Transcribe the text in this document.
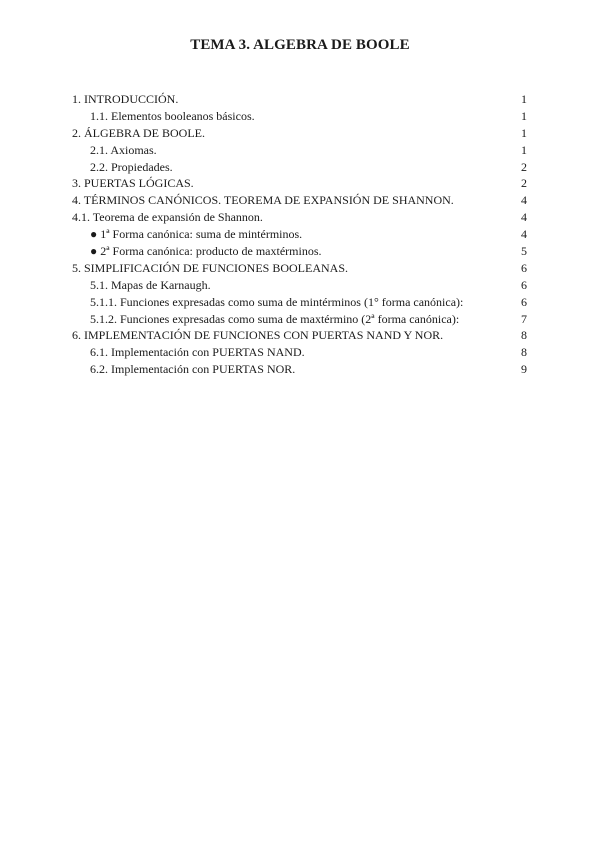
TEMA 3. ALGEBRA DE BOOLE
1. INTRODUCCIÓN.	1
1.1. Elementos booleanos básicos.	1
2. ÁLGEBRA DE BOOLE.	1
2.1. Axiomas.	1
2.2. Propiedades.	2
3. PUERTAS LÓGICAS.	2
4. TÉRMINOS CANÓNICOS. TEOREMA DE EXPANSIÓN DE SHANNON.	4
4.1. Teorema de expansión de Shannon.	4
● 1ª Forma canónica: suma de mintérminos.	4
● 2ª Forma canónica: producto de maxtérminos.	5
5. SIMPLIFICACIÓN DE FUNCIONES BOOLEANAS.	6
5.1. Mapas de Karnaugh.	6
5.1.1. Funciones expresadas como suma de mintérminos (1° forma canónica):	6
5.1.2. Funciones expresadas como suma de maxtérmino (2ª forma canónica):	7
6. IMPLEMENTACIÓN DE FUNCIONES CON PUERTAS NAND Y NOR.	8
6.1. Implementación con PUERTAS NAND.	8
6.2. Implementación con PUERTAS NOR.	9
